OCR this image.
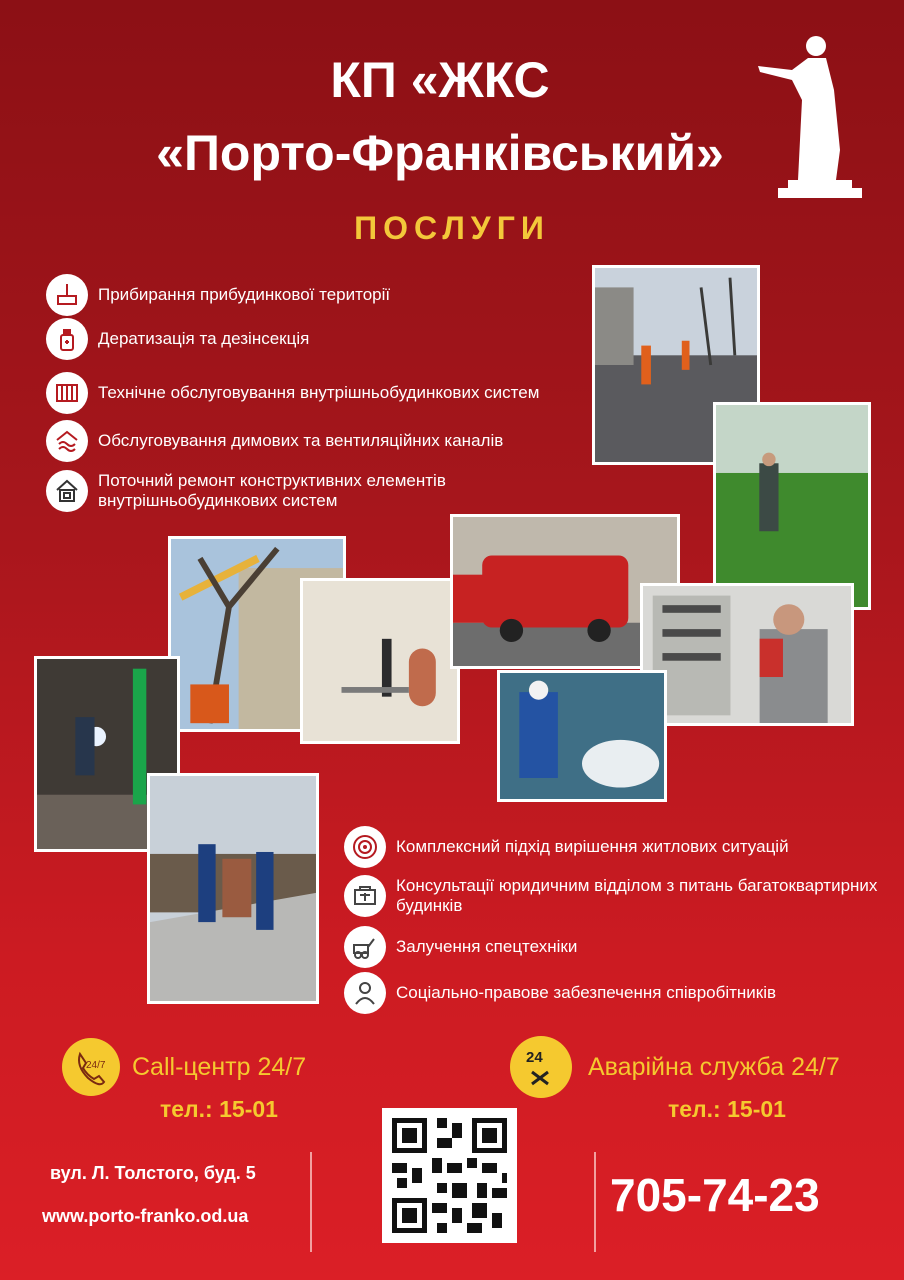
КП «ЖКС
«Порто-Франківський»
ПОСЛУГИ
Прибирання прибудинкової території
Дератизація та дезінсекція
Технічне обслуговування внутрішньобудинкових систем
Обслуговування димових та вентиляційних каналів
Поточний ремонт конструктивних елементів внутрішньобудинкових систем
Комплексний підхід вирішення житлових ситуацій
Консультації юридичним відділом з питань багатоквартирних будинків
Залучення спецтехніки
Соціально-правове забезпечення співробітників
24/7 Call-центр 24/7
тел.: 15-01
24 Аварійна служба 24/7
тел.: 15-01
вул. Л. Толстого, буд. 5
www.porto-franko.od.ua	705-74-23
